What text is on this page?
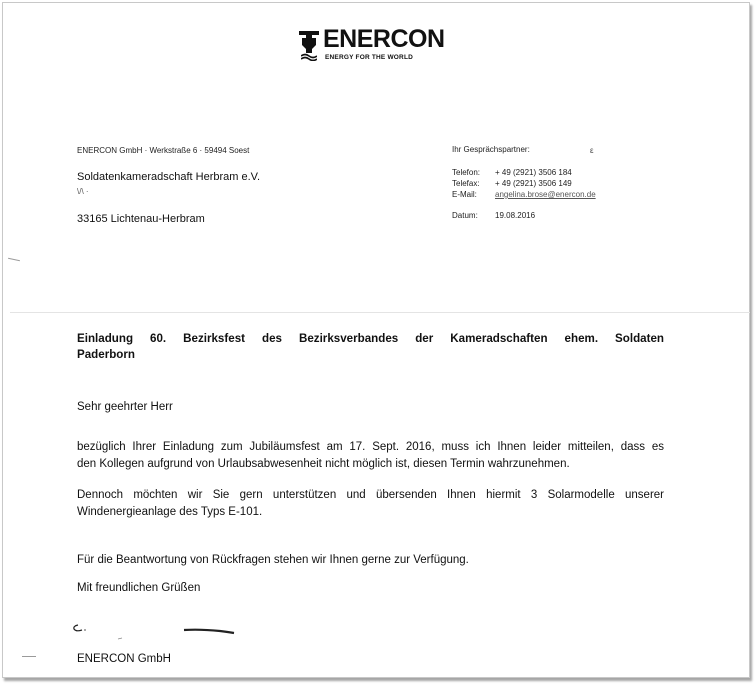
ENERCON
ENERGY FOR THE WORLD
ENERCON GmbH · Werkstraße 6 · 59494 Soest
Soldatenkameradschaft Herbram e.V.
\/\ ·
33165 Lichtenau-Herbram
Ihr Gesprächspartner:	ε
Telefon: + 49 (2921) 3506 184
Telefax: + 49 (2921) 3506 149
E-Mail: angelina.brose@enercon.de
Datum: 19.08.2016
Einladung 60. Bezirksfest des Bezirksverbandes der Kameradschaften ehem. Soldaten
Paderborn
Sehr geehrter Herr
bezüglich Ihrer Einladung zum Jubiläumsfest am 17. Sept. 2016, muss ich Ihnen leider mitteilen, dass es
den Kollegen aufgrund von Urlaubsabwesenheit nicht möglich ist, diesen Termin wahrzunehmen.
Dennoch möchten wir Sie gern unterstützen und übersenden Ihnen hiermit 3 Solarmodelle unserer
Windenergieanlage des Typs E-101.
Für die Beantwortung von Rückfragen stehen wir Ihnen gerne zur Verfügung.
Mit freundlichen Grüßen
ENERCON GmbH
